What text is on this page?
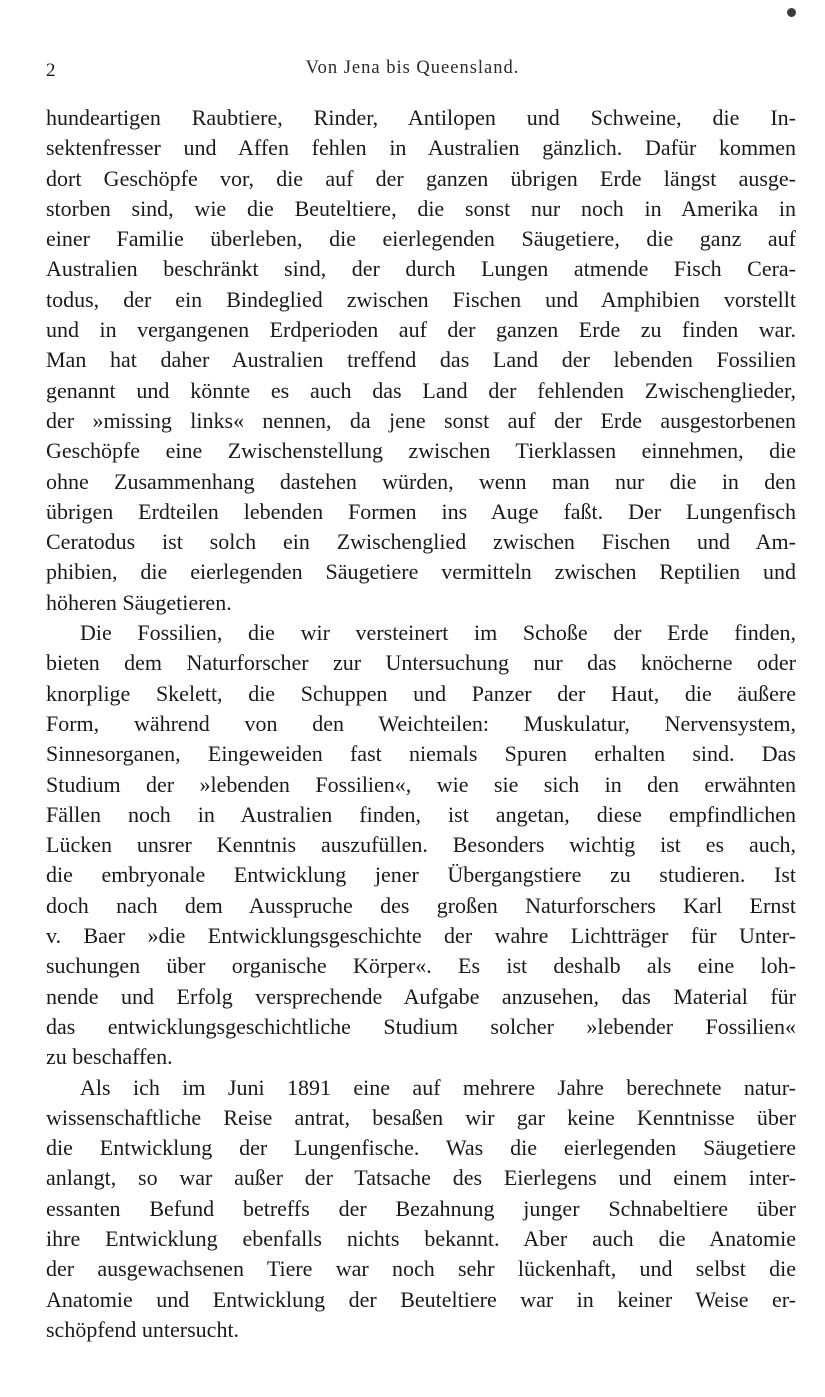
2	Von Jena bis Queensland.
hundeartigen Raubtiere, Rinder, Antilopen und Schweine, die In-
sektenfresser und Affen fehlen in Australien gänzlich. Dafür kommen
dort Geschöpfe vor, die auf der ganzen übrigen Erde längst ausge-
storben sind, wie die Beuteltiere, die sonst nur noch in Amerika in
einer Familie überleben, die eierlegenden Säugetiere, die ganz auf
Australien beschränkt sind, der durch Lungen atmende Fisch Cera-
todus, der ein Bindeglied zwischen Fischen und Amphibien vorstellt
und in vergangenen Erdperioden auf der ganzen Erde zu finden war.
Man hat daher Australien treffend das Land der lebenden Fossilien
genannt und könnte es auch das Land der fehlenden Zwischenglieder,
der »missing links« nennen, da jene sonst auf der Erde ausgestorbenen
Geschöpfe eine Zwischenstellung zwischen Tierklassen einnehmen, die
ohne Zusammenhang dastehen würden, wenn man nur die in den
übrigen Erdteilen lebenden Formen ins Auge faßt. Der Lungenfisch
Ceratodus ist solch ein Zwischenglied zwischen Fischen und Am-
phibien, die eierlegenden Säugetiere vermitteln zwischen Reptilien und
höheren Säugetieren.
Die Fossilien, die wir versteinert im Schoße der Erde finden,
bieten dem Naturforscher zur Untersuchung nur das knöcherne oder
knorplige Skelett, die Schuppen und Panzer der Haut, die äußere
Form, während von den Weichteilen: Muskulatur, Nervensystem,
Sinnesorganen, Eingeweiden fast niemals Spuren erhalten sind. Das
Studium der »lebenden Fossilien«, wie sie sich in den erwähnten
Fällen noch in Australien finden, ist angetan, diese empfindlichen
Lücken unsrer Kenntnis auszufüllen. Besonders wichtig ist es auch,
die embryonale Entwicklung jener Übergangstiere zu studieren. Ist
doch nach dem Ausspruche des großen Naturforschers Karl Ernst
v. Baer »die Entwicklungsgeschichte der wahre Lichtträger für Unter-
suchungen über organische Körper«. Es ist deshalb als eine loh-
nende und Erfolg versprechende Aufgabe anzusehen, das Material für
das entwicklungsgeschichtliche Studium solcher »lebender Fossilien«
zu beschaffen.
Als ich im Juni 1891 eine auf mehrere Jahre berechnete natur-
wissenschaftliche Reise antrat, besaßen wir gar keine Kenntnisse über
die Entwicklung der Lungenfische. Was die eierlegenden Säugetiere
anlangt, so war außer der Tatsache des Eierlegens und einem inter-
essanten Befund betreffs der Bezahnung junger Schnabeltiere über
ihre Entwicklung ebenfalls nichts bekannt. Aber auch die Anatomie
der ausgewachsenen Tiere war noch sehr lückenhaft, und selbst die
Anatomie und Entwicklung der Beuteltiere war in keiner Weise er-
schöpfend untersucht.
